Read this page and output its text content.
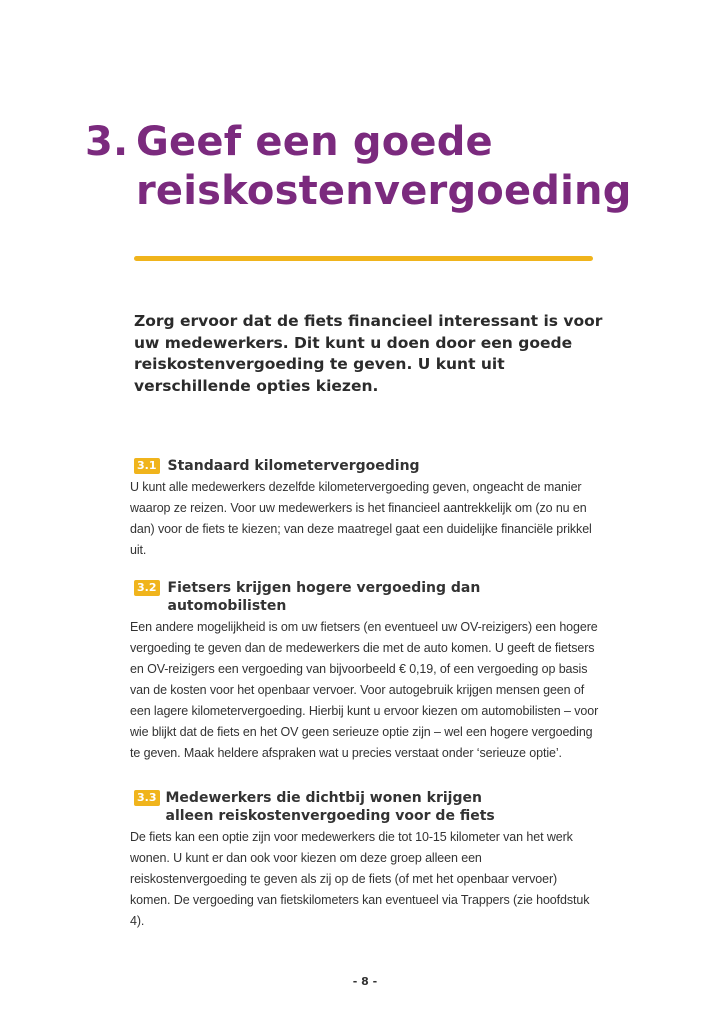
3. Geef een goede
reiskostenvergoeding

Zorg ervoor dat de fiets financieel interessant is voor uw medewerkers. Dit kunt u doen door een goede reiskostenvergoeding te geven. U kunt uit verschillende opties kiezen.

3.1 Standaard kilometervergoeding

U kunt alle medewerkers dezelfde kilometervergoeding geven, ongeacht de manier waarop ze reizen. Voor uw medewerkers is het financieel aantrekkelijk om (zo nu en dan) voor de fiets te kiezen; van deze maatregel gaat een duidelijke financiële prikkel uit.

3.2 Fietsers krijgen hogere vergoeding dan automobilisten

Een andere mogelijkheid is om uw fietsers (en eventueel uw OV-reizigers) een hogere vergoeding te geven dan de medewerkers die met de auto komen. U geeft de fietsers en OV-reizigers een vergoeding van bijvoorbeeld € 0,19, of een vergoeding op basis van de kosten voor het openbaar vervoer. Voor autogebruik krijgen mensen geen of een lagere kilometervergoeding. Hierbij kunt u ervoor kiezen om automobilisten – voor wie blijkt dat de fiets en het OV geen serieuze optie zijn – wel een hogere vergoeding te geven. Maak heldere afspraken wat u precies verstaat onder ‘serieuze optie’.

3.3 Medewerkers die dichtbij wonen krijgen alleen reiskostenvergoeding voor de fiets

De fiets kan een optie zijn voor medewerkers die tot 10-15 kilometer van het werk wonen. U kunt er dan ook voor kiezen om deze groep alleen een reiskostenvergoeding te geven als zij op de fiets (of met het openbaar vervoer) komen. De vergoeding van fietskilometers kan eventueel via Trappers (zie hoofdstuk 4).

- 8 -
